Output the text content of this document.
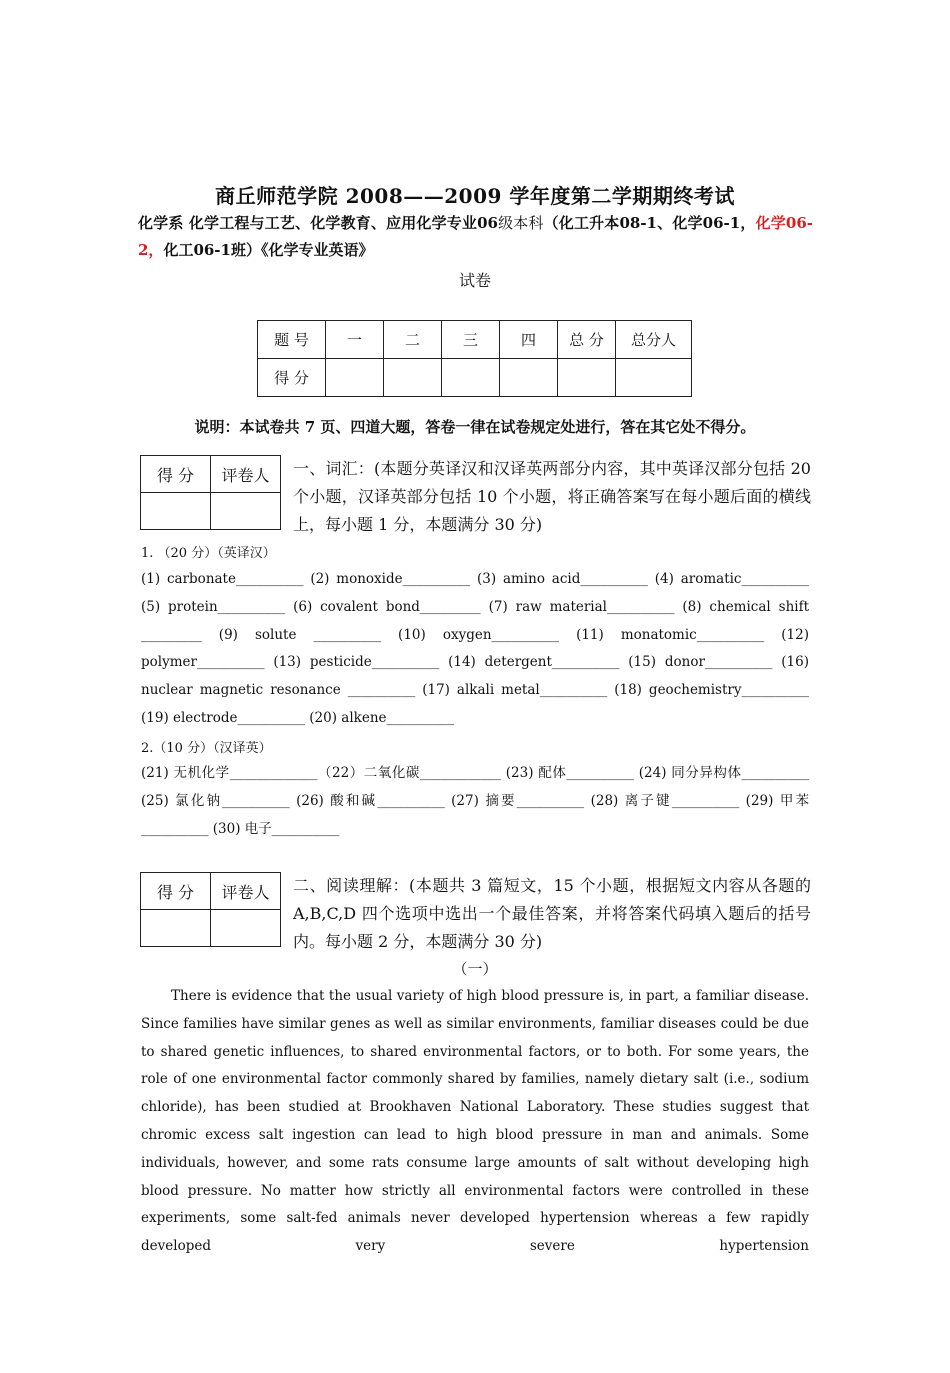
商丘师范学院 2008——2009 学年度第二学期期终考试
化学系 化学工程与工艺、化学教育、应用化学专业06级本科（化工升本08-1、化学06-1，化学06-2，化工06-1班）《化学专业英语》
试卷
题 号	一	二	三	四	总 分	总分人
得 分						
说明：本试卷共 7 页、四道大题，答卷一律在试卷规定处进行，答在其它处不得分。
得 分	评卷人
	一、词汇：(本题分英译汉和汉译英两部分内容，其中英译汉部分包括 20 个小题，汉译英部分包括 10 个小题，将正确答案写在每小题后面的横线上，每小题 1 分，本题满分 30 分)
1. （20 分）（英译汉）
(1) carbonate__________ (2) monoxide__________ (3) amino acid__________ (4) aromatic__________ (5) protein__________ (6) covalent bond_________ (7) raw material__________ (8) chemical shift _________ (9) solute __________ (10) oxygen__________ (11) monatomic__________ (12) polymer__________ (13) pesticide__________ (14) detergent__________ (15) donor__________ (16) nuclear magnetic resonance __________ (17) alkali metal__________ (18) geochemistry__________ (19) electrode__________ (20) alkene__________
2.（10 分）（汉译英）
(21) 无机化学_____________（22）二氧化碳____________ (23) 配体__________ (24) 同分异构体__________ (25) 氯化钠__________ (26) 酸和碱__________ (27) 摘要__________ (28) 离子键__________ (29) 甲苯__________ (30) 电子__________
得 分	评卷人
	二、阅读理解：(本题共 3 篇短文，15 个小题，根据短文内容从各题的 A,B,C,D 四个选项中选出一个最佳答案，并将答案代码填入题后的括号内。每小题 2 分，本题满分 30 分)
（一）
There is evidence that the usual variety of high blood pressure is, in part, a familiar disease. Since families have similar genes as well as similar environments, familiar diseases could be due to shared genetic influences, to shared environmental factors, or to both. For some years, the role of one environmental factor commonly shared by families, namely dietary salt (i.e., sodium chloride), has been studied at Brookhaven National Laboratory. These studies suggest that chromic excess salt ingestion can lead to high blood pressure in man and animals. Some individuals, however, and some rats consume large amounts of salt without developing high blood pressure. No matter how strictly all environmental factors were controlled in these experiments, some salt-fed animals never developed hypertension whereas a few rapidly developed very severe hypertension
